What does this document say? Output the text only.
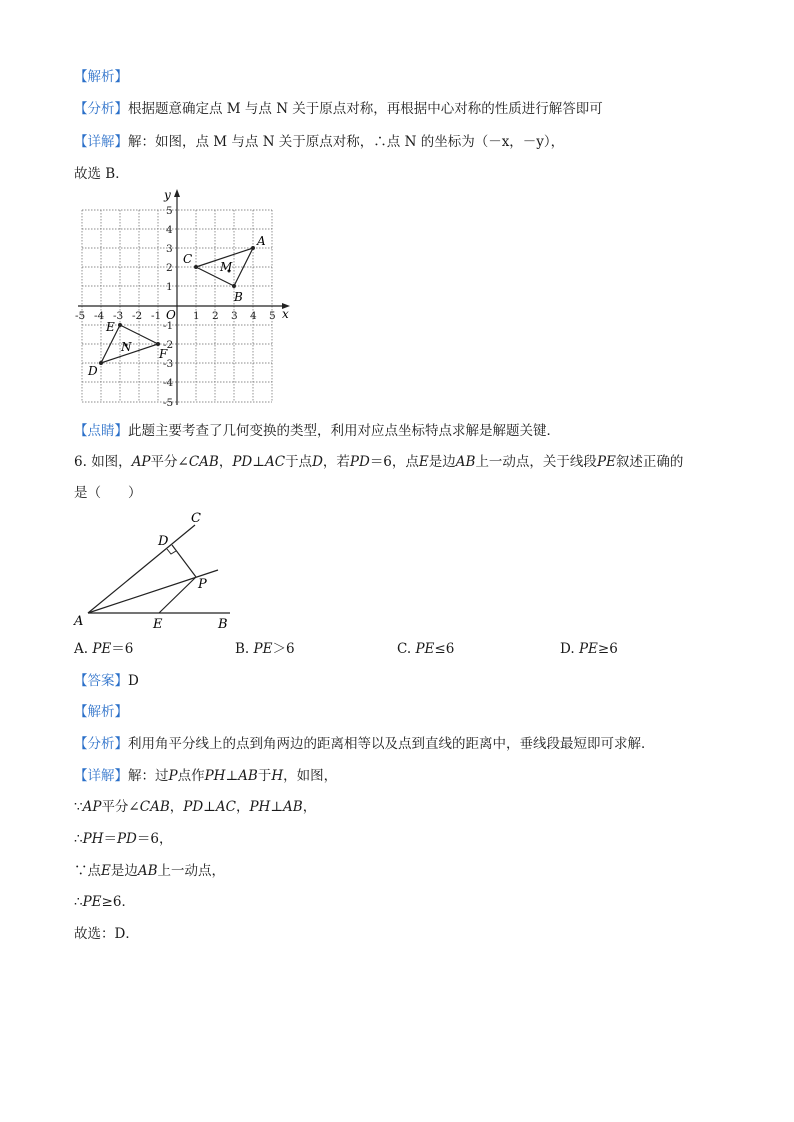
【解析】
【分析】根据题意确定点 M 与点 N 关于原点对称，再根据中心对称的性质进行解答即可
【详解】解：如图，点 M 与点 N 关于原点对称，∴点 N 的坐标为（－x，－y），
故选 B．
x
y
O
-5 -4 -3 -2 -1	1 2 3 4 5
5
4
3
2
1
-1
-2
-3
-4
-5
A
B
C
M
D
E
F
N
【点睛】此题主要考查了几何变换的类型，利用对应点坐标特点求解是解题关键．
6. 如图，AP平分∠CAB，PD⊥AC于点D，若PD＝6，点E是边AB上一动点，关于线段PE叙述正确的
是（　　）
C
D
P
A	E	B
A. PE＝6	B. PE＞6	C. PE≤6	D. PE≥6
【答案】D
【解析】
【分析】利用角平分线上的点到角两边的距离相等以及点到直线的距离中，垂线段最短即可求解．
【详解】解：过P点作PH⊥AB于H，如图，
∵AP平分∠CAB，PD⊥AC，PH⊥AB，
∴PH＝PD＝6，
∵点E是边AB上一动点，
∴PE≥6．
故选：D．
